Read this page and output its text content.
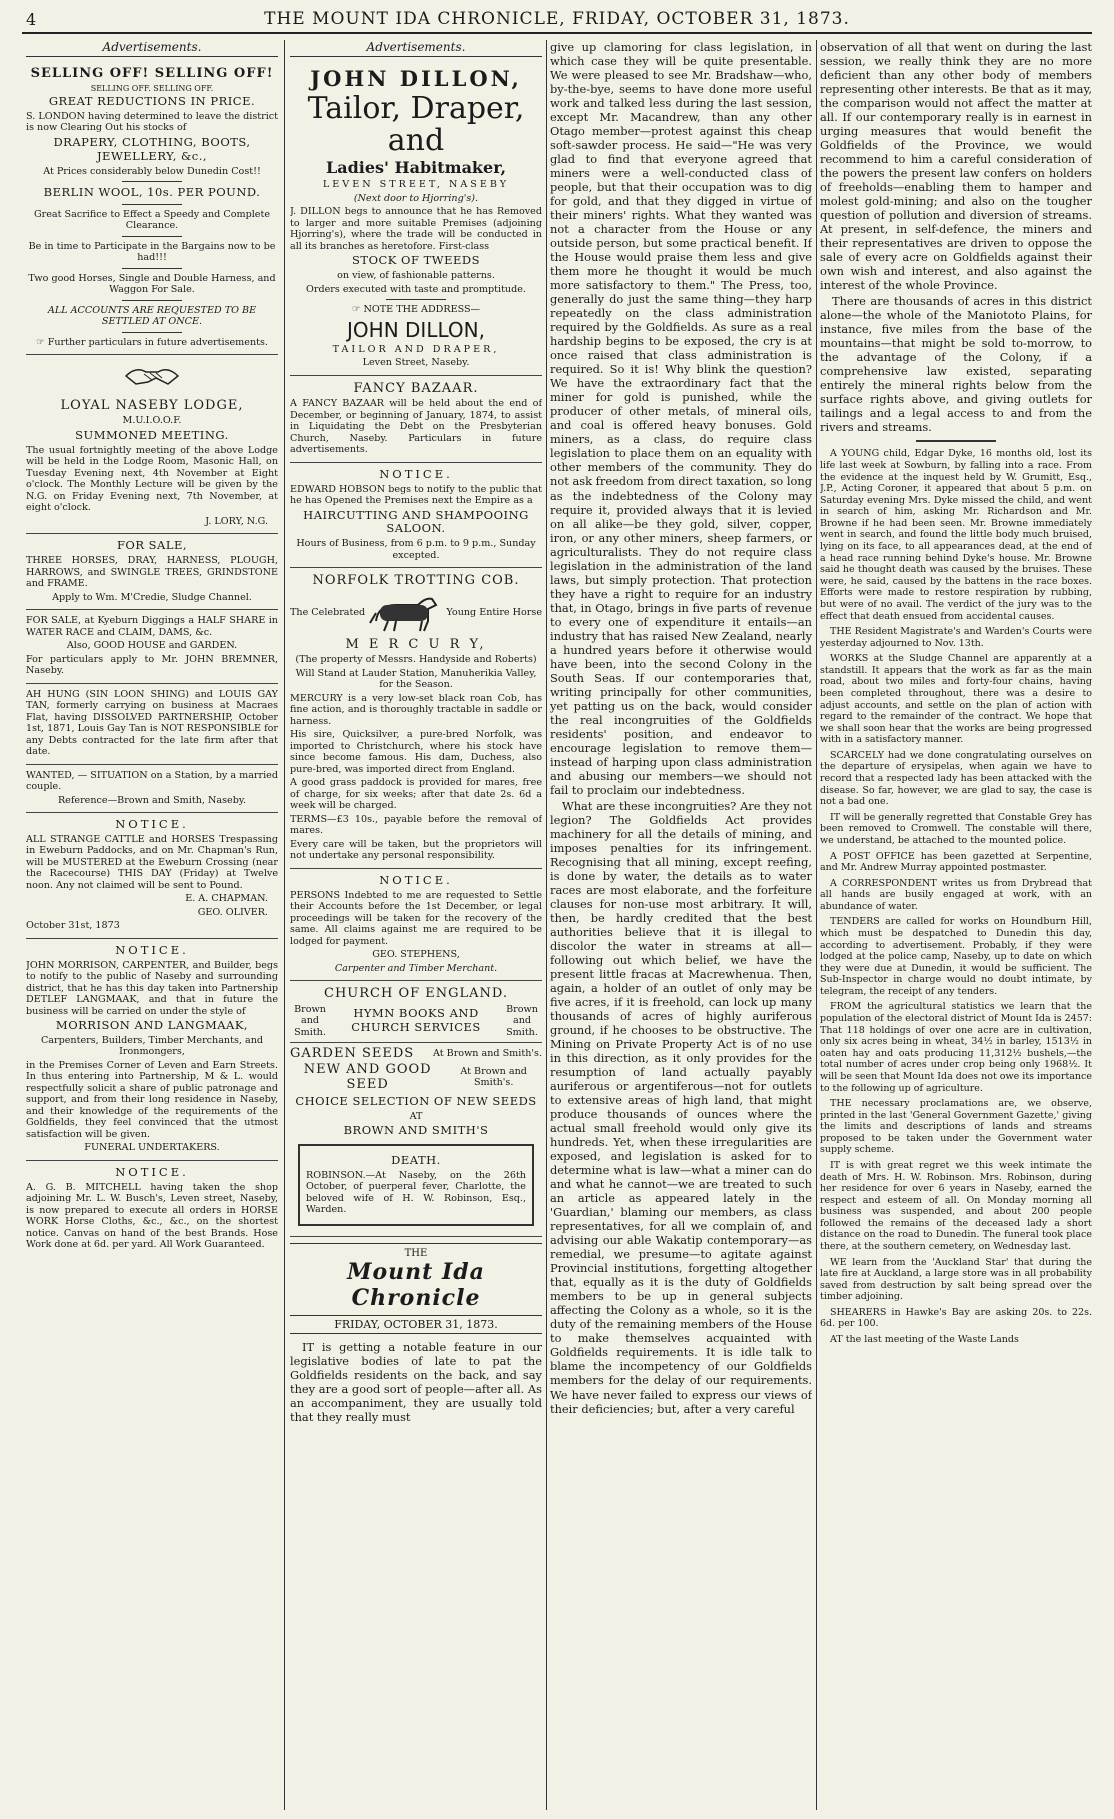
4	THE MOUNT IDA CHRONICLE, FRIDAY, OCTOBER 31, 1873.
Advertisements.

SELLING OFF! SELLING OFF!

SELLING OFF. SELLING OFF.

GREAT REDUCTIONS IN PRICE.

S. LONDON having determined to leave the district is now Clearing Out his stocks of

DRAPERY, CLOTHING, BOOTS, JEWELLERY, &c.,

At Prices considerably below Dunedin Cost!!

BERLIN WOOL, 10s. PER POUND.

Great Sacrifice to Effect a Speedy and Complete Clearance.

Be in time to Participate in the Bargains now to be had!!!

Two good Horses, Single and Double Harness, and Waggon For Sale.

ALL ACCOUNTS ARE REQUESTED TO BE SETTLED AT ONCE.

☞ Further particulars in future advertisements.

LOYAL NASEBY LODGE,

M.U.I.O.O.F.

SUMMONED MEETING.

The usual fortnightly meeting of the above Lodge will be held in the Lodge Room, Masonic Hall, on Tuesday Evening next, 4th November at Eight o'clock. The Monthly Lecture will be given by the N.G. on Friday Evening next, 7th November, at eight o'clock.

J. LORY, N.G.

FOR SALE,

THREE HORSES, DRAY, HARNESS, PLOUGH, HARROWS, and SWINGLE TREES, GRINDSTONE and FRAME.

Apply to Wm. M'Credie, Sludge Channel.

FOR SALE, at Kyeburn Diggings a HALF SHARE in WATER RACE and CLAIM, DAMS, &c.

Also, GOOD HOUSE and GARDEN.

For particulars apply to Mr. JOHN BREMNER, Naseby.

AH HUNG (SIN LOON SHING) and LOUIS GAY TAN, formerly carrying on business at Macraes Flat, having DISSOLVED PARTNERSHIP, October 1st, 1871, Louis Gay Tan is NOT RESPONSIBLE for any Debts contracted for the late firm after that date.

WANTED, — SITUATION on a Station, by a married couple.

Reference—Brown and Smith, Naseby.

NOTICE.

ALL STRANGE CATTLE and HORSES Trespassing in Eweburn Paddocks, and on Mr. Chapman's Run, will be MUSTERED at the Eweburn Crossing (near the Racecourse) THIS DAY (Friday) at Twelve noon. Any not claimed will be sent to Pound.

E. A. CHAPMAN.

GEO. OLIVER.

October 31st, 1873

NOTICE.

JOHN MORRISON, CARPENTER, and Builder, begs to notify to the public of Naseby and surrounding district, that he has this day taken into Partnership DETLEF LANGMAAK, and that in future the business will be carried on under the style of

MORRISON AND LANGMAAK,

Carpenters, Builders, Timber Merchants, and Ironmongers,

in the Premises Corner of Leven and Earn Streets. In thus entering into Partnership, M & L. would respectfully solicit a share of public patronage and support, and from their long residence in Naseby, and their knowledge of the requirements of the Goldfields, they feel convinced that the utmost satisfaction will be given.

FUNERAL UNDERTAKERS.

NOTICE.

A. G. B. MITCHELL having taken the shop adjoining Mr. L. W. Busch's, Leven street, Naseby, is now prepared to execute all orders in HORSE WORK Horse Cloths, &c., &c., on the shortest notice. Canvas on hand of the best Brands. Hose Work done at 6d. per yard. All Work Guaranteed.

Advertisements.

JOHN DILLON,

Tailor, Draper, and

Ladies' Habitmaker,

LEVEN STREET, NASEBY

(Next door to Hjorring's).

J. DILLON begs to announce that he has Removed to larger and more suitable Premises (adjoining Hjorring's), where the trade will be conducted in all its branches as heretofore. First-class

STOCK OF TWEEDS

on view, of fashionable patterns.

Orders executed with taste and promptitude.

☞ NOTE THE ADDRESS—

JOHN DILLON,

TAILOR AND DRAPER,

Leven Street, Naseby.

FANCY BAZAAR.

A FANCY BAZAAR will be held about the end of December, or beginning of January, 1874, to assist in Liquidating the Debt on the Presbyterian Church, Naseby. Particulars in future advertisements.

NOTICE.

EDWARD HOBSON begs to notify to the public that he has Opened the Premises next the Empire as a

HAIRCUTTING AND SHAMPOOING SALOON.

Hours of Business, from 6 p.m. to 9 p.m., Sunday excepted.

NORFOLK TROTTING COB.

The Celebrated	Young Entire Horse

M E R C U R Y,

(The property of Messrs. Handyside and Roberts)

Will Stand at Lauder Station, Manuherikia Valley, for the Season.

MERCURY is a very low-set black roan Cob, has fine action, and is thoroughly tractable in saddle or harness.

His sire, Quicksilver, a pure-bred Norfolk, was imported to Christchurch, where his stock have since become famous. His dam, Duchess, also pure-bred, was imported direct from England.

A good grass paddock is provided for mares, free of charge, for six weeks; after that date 2s. 6d a week will be charged.

TERMS—£3 10s., payable before the removal of mares.

Every care will be taken, but the proprietors will not undertake any personal responsibility.

NOTICE.

PERSONS Indebted to me are requested to Settle their Accounts before the 1st December, or legal proceedings will be taken for the recovery of the same. All claims against me are required to be lodged for payment.

GEO. STEPHENS,

Carpenter and Timber Merchant.

CHURCH OF ENGLAND.

Brown and Smith.
HYMN BOOKS AND CHURCH SERVICES
Brown and Smith.
GARDEN SEEDS At Brown and Smith's.
NEW AND GOOD SEED
At Brown and Smith's.

CHOICE SELECTION OF NEW SEEDS

AT

BROWN AND SMITH'S

DEATH.

ROBINSON.—At Naseby, on the 26th October, of puerperal fever, Charlotte, the beloved wife of H. W. Robinson, Esq., Warden.

THE
Mount Ida Chronicle
FRIDAY, OCTOBER 31, 1873.

IT is getting a notable feature in our legislative bodies of late to pat the Goldfields residents on the back, and say they are a good sort of people—after all. As an accompaniment, they are usually told that they really must

give up clamoring for class legislation, in which case they will be quite presentable. We were pleased to see Mr. Bradshaw—who, by-the-bye, seems to have done more useful work and talked less during the last session, except Mr. Macandrew, than any other Otago member—protest against this cheap soft-sawder process. He said—"He was very glad to find that everyone agreed that miners were a well-conducted class of people, but that their occupation was to dig for gold, and that they digged in virtue of their miners' rights. What they wanted was not a character from the House or any outside person, but some practical benefit. If the House would praise them less and give them more he thought it would be much more satisfactory to them." The Press, too, generally do just the same thing—they harp repeatedly on the class administration required by the Goldfields. As sure as a real hardship begins to be exposed, the cry is at once raised that class administration is required. So it is! Why blink the question? We have the extraordinary fact that the miner for gold is punished, while the producer of other metals, of mineral oils, and coal is offered heavy bonuses. Gold miners, as a class, do require class legislation to place them on an equality with other members of the community. They do not ask freedom from direct taxation, so long as the indebtedness of the Colony may require it, provided always that it is levied on all alike—be they gold, silver, copper, iron, or any other miners, sheep farmers, or agriculturalists. They do not require class legislation in the administration of the land laws, but simply protection. That protection they have a right to require for an industry that, in Otago, brings in five parts of revenue to every one of expenditure it entails—an industry that has raised New Zealand, nearly a hundred years before it otherwise would have been, into the second Colony in the South Seas. If our contemporaries that, writing principally for other communities, yet patting us on the back, would consider the real incongruities of the Goldfields residents' position, and endeavor to encourage legislation to remove them—instead of harping upon class administration and abusing our members—we should not fail to proclaim our indebtedness.

What are these incongruities? Are they not legion? The Goldfields Act provides machinery for all the details of mining, and imposes penalties for its infringement. Recognising that all mining, except reefing, is done by water, the details as to water races are most elaborate, and the forfeiture clauses for non-use most arbitrary. It will, then, be hardly credited that the best authorities believe that it is illegal to discolor the water in streams at all—following out which belief, we have the present little fracas at Macrewhenua. Then, again, a holder of an outlet of only may be five acres, if it is freehold, can lock up many thousands of acres of highly auriferous ground, if he chooses to be obstructive. The Mining on Private Property Act is of no use in this direction, as it only provides for the resumption of land actually payably auriferous or argentiferous—not for outlets to extensive areas of high land, that might produce thousands of ounces where the actual small freehold would only give its hundreds. Yet, when these irregularities are exposed, and legislation is asked for to determine what is law—what a miner can do and what he cannot—we are treated to such an article as appeared lately in the 'Guardian,' blaming our members, as class representatives, for all we complain of, and advising our able Wakatip contemporary—as remedial, we presume—to agitate against Provincial institutions, forgetting altogether that, equally as it is the duty of Goldfields members to be up in general subjects affecting the Colony as a whole, so it is the duty of the remaining members of the House to make themselves acquainted with Goldfields requirements. It is idle talk to blame the incompetency of our Goldfields members for the delay of our requirements. We have never failed to express our views of their deficiencies; but, after a very careful

observation of all that went on during the last session, we really think they are no more deficient than any other body of members representing other interests. Be that as it may, the comparison would not affect the matter at all. If our contemporary really is in earnest in urging measures that would benefit the Goldfields of the Province, we would recommend to him a careful consideration of the powers the present law confers on holders of freeholds—enabling them to hamper and molest gold-mining; and also on the tougher question of pollution and diversion of streams. At present, in self-defence, the miners and their representatives are driven to oppose the sale of every acre on Goldfields against their own wish and interest, and also against the interest of the whole Province.

There are thousands of acres in this district alone—the whole of the Maniototo Plains, for instance, five miles from the base of the mountains—that might be sold to-morrow, to the advantage of the Colony, if a comprehensive law existed, separating entirely the mineral rights below from the surface rights above, and giving outlets for tailings and a legal access to and from the rivers and streams.

A YOUNG child, Edgar Dyke, 16 months old, lost its life last week at Sowburn, by falling into a race. From the evidence at the inquest held by W. Grumitt, Esq., J.P., Acting Coroner, it appeared that about 5 p.m. on Saturday evening Mrs. Dyke missed the child, and went in search of him, asking Mr. Richardson and Mr. Browne if he had been seen. Mr. Browne immediately went in search, and found the little body much bruised, lying on its face, to all appearances dead, at the end of a head race running behind Dyke's house. Mr. Browne said he thought death was caused by the bruises. These were, he said, caused by the battens in the race boxes. Efforts were made to restore respiration by rubbing, but were of no avail. The verdict of the jury was to the effect that death ensued from accidental causes.

THE Resident Magistrate's and Warden's Courts were yesterday adjourned to Nov. 13th.

WORKS at the Sludge Channel are apparently at a standstill. It appears that the work as far as the main road, about two miles and forty-four chains, having been completed throughout, there was a desire to adjust accounts, and settle on the plan of action with regard to the remainder of the contract. We hope that we shall soon hear that the works are being progressed with in a satisfactory manner.

SCARCELY had we done congratulating ourselves on the departure of erysipelas, when again we have to record that a respected lady has been attacked with the disease. So far, however, we are glad to say, the case is not a bad one.

IT will be generally regretted that Constable Grey has been removed to Cromwell. The constable will there, we understand, be attached to the mounted police.

A POST OFFICE has been gazetted at Serpentine, and Mr. Andrew Murray appointed postmaster.

A CORRESPONDENT writes us from Drybread that all hands are busily engaged at work, with an abundance of water.

TENDERS are called for works on Houndburn Hill, which must be despatched to Dunedin this day, according to advertisement. Probably, if they were lodged at the police camp, Naseby, up to date on which they were due at Dunedin, it would be sufficient. The Sub-Inspector in charge would no doubt intimate, by telegram, the receipt of any tenders.

FROM the agricultural statistics we learn that the population of the electoral district of Mount Ida is 2457: That 118 holdings of over one acre are in cultivation, only six acres being in wheat, 34½ in barley, 1513½ in oaten hay and oats producing 11,312½ bushels,—the total number of acres under crop being only 1968½. It will be seen that Mount Ida does not owe its importance to the following up of agriculture.

THE necessary proclamations are, we observe, printed in the last 'General Government Gazette,' giving the limits and descriptions of lands and streams proposed to be taken under the Government water supply scheme.

IT is with great regret we this week intimate the death of Mrs. H. W. Robinson. Mrs. Robinson, during her residence for over 6 years in Naseby, earned the respect and esteem of all. On Monday morning all business was suspended, and about 200 people followed the remains of the deceased lady a short distance on the road to Dunedin. The funeral took place there, at the southern cemetery, on Wednesday last.

WE learn from the 'Auckland Star' that during the late fire at Auckland, a large store was in all probability saved from destruction by salt being spread over the timber adjoining.

SHEARERS in Hawke's Bay are asking 20s. to 22s. 6d. per 100.

AT the last meeting of the Waste Lands
